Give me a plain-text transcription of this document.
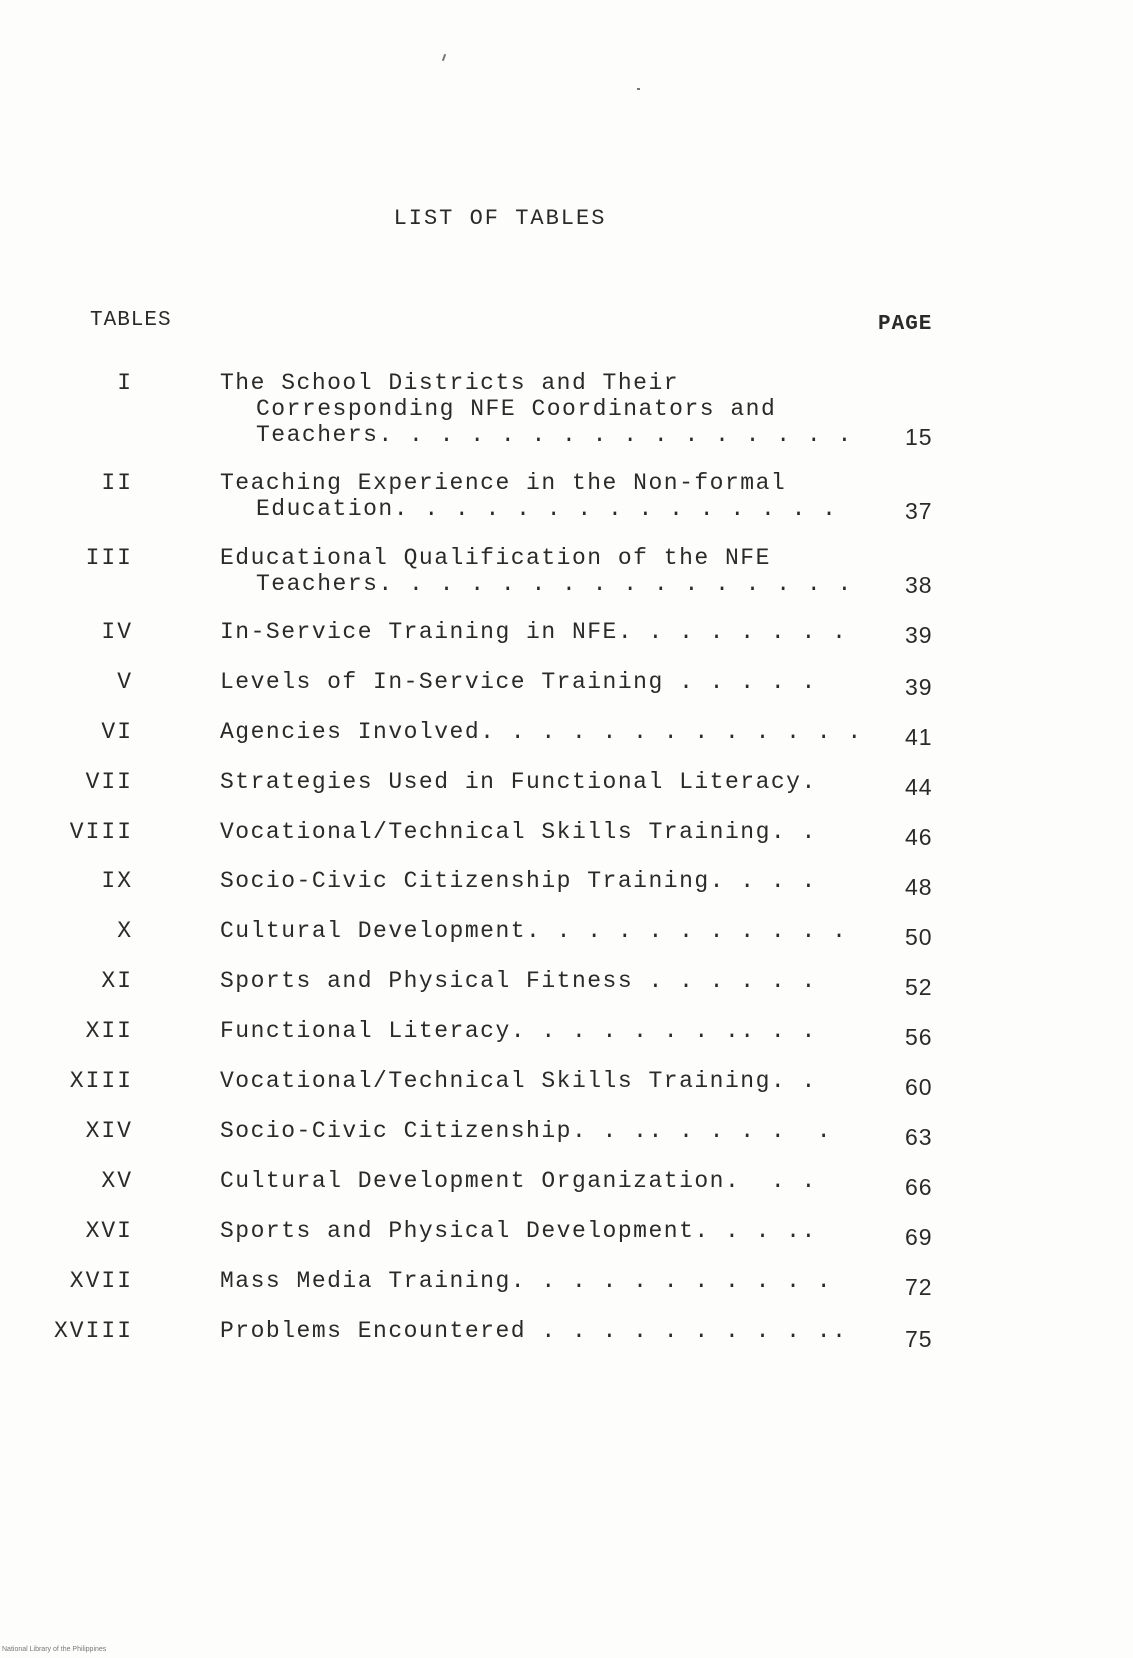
LIST OF TABLES
TABLES	PAGE
I	The School Districts and Their
Corresponding NFE Coordinators and
Teachers. . . . . . . . . . . . . . . .	15
II	Teaching Experience in the Non-formal
Education. . . . . . . . . . . . . . .	37
III	Educational Qualification of the NFE
Teachers. . . . . . . . . . . . . . . .	38
IV	In-Service Training in NFE. . . . . . . .	39
V	Levels of In-Service Training . . . . .	39
VI	Agencies Involved. . . . . . . . . . . . . 41
VII	Strategies Used in Functional Literacy.	44
VIII	Vocational/Technical Skills Training. .	46
IX	Socio-Civic Citizenship Training. . . .	48
X	Cultural Development. . . . . . . . . . .	50
XI	Sports and Physical Fitness . . . . . .	52
XII	Functional Literacy. . . . . . . .. . .	56
XIII	Vocational/Technical Skills Training. .	60
XIV	Socio-Civic Citizenship. . .. . . . .  .	63
XV	Cultural Development Organization.  . .	66
XVI	Sports and Physical Development. . . ..	69
XVII	Mass Media Training. . . . . . . . . . .	72
XVIII	Problems Encountered . . . . . . . . . ..	75
National Library of the Philippines
